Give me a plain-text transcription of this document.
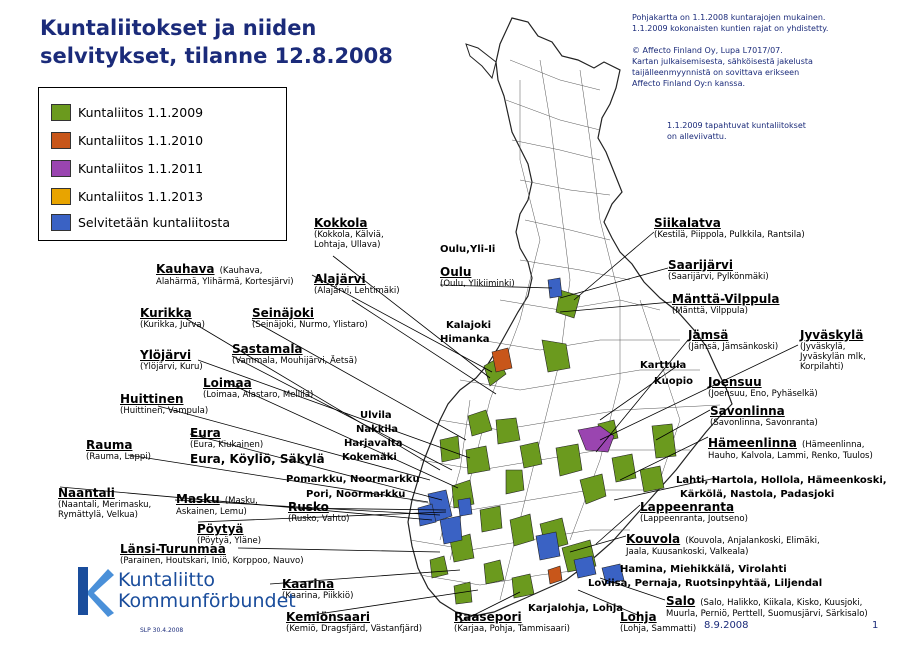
Kuntaliitokset ja niiden
selvitykset, tilanne 12.8.2008
Pohjakartta on 1.1.2008 kuntarajojen mukainen.
1.1.2009 kokonaisten kuntien rajat on yhdistetty.
© Affecto Finland Oy, Lupa L7017/07.
Kartan julkaisemisesta, sähköisestä jakelusta
taijälleenmyynnistä on sovittava erikseen
Affecto Finland Oy:n kanssa.
1.1.2009 tapahtuvat kuntaliitokset
on alleviivattu.
Kuntaliitos 1.1.2009
Kuntaliitos 1.1.2010
Kuntaliitos 1.1.2011
Kuntaliitos 1.1.2013
Selvitetään kuntaliitosta	Kokkola
(Kokkola, Kälviä,
Lohtaja, Ullava)
Kauhava (Kauhava,
Alahärmä, Ylihärmä, Kortesjärvi) Alajärvi
(Alajärvi, Lehtimäki)
Kurikka
(Kurikka, Jurva)
Seinäjoki
(Seinäjoki, Nurmo, Ylistaro)
Sastamala
(Vammala, Mouhijärvi, Äetsä)
Ylöjärvi
(Ylöjärvi, Kuru)
Loimaa
(Loimaa, Alastaro, Mellilä)
Huittinen
(Huittinen, Vampula)
Eura
(Eura, Kiukainen)
Rauma
(Rauma, Lappi)	Eura, Köyliö, Säkylä
Naantali
(Naantali, Merimasku,
Rymättylä, Velkua)
Masku (Masku,
Askainen, Lemu)	Rusko
(Rusko, Vahto)
Pöytyä
(Pöytyä, Yläne)
Länsi-Turunmaa
(Parainen, Houtskari, Iniö, Korppoo, Nauvo)
Kaarina
(Kaarina, Piikkiö)
Kemiönsaari
(Kemiö, Dragsfjärd, Västanfjärd)
Raasepori
(Karjaa, Pohja, Tammisaari)
Lohja
(Lohja, Sammatti)
Salo (Salo, Halikko, Kiikala, Kisko, Kuusjoki,
Muurla, Perniö, Perttell, Suomusjärvi, Särkisalo)
Kouvola (Kouvola, Anjalankoski, Elimäki,
Jaala, Kuusankoski, Valkeala)
Lappeenranta
(Lappeenranta, Joutseno)
Hämeenlinna (Hämeenlinna,
Hauho, Kalvola, Lammi, Renko, Tuulos)
Savonlinna
(Savonlinna, Savonranta)
Joensuu
(Joensuu, Eno, Pyhäselkä)
Jämsä
(Jämsä, Jämsänkoski)
Jyväskylä
(Jyväskylä,
Jyväskylän mlk,
Korpilahti)
Mänttä-Vilppula
(Mänttä, Vilppula)
Saarijärvi
(Saarijärvi, Pylkönmäki)
Siikalatva
(Kestilä, Piippola, Pulkkila, Rantsila)
Oulu
(Oulu, Ylikiiminki)
Oulu,Yli-Ii
Kalajoki
Himanka
Karttula
Kuopio
Ulvila
Nakkila
Harjavalta
Kokemäki
Pomarkku, Noormarkku
Pori, Noormarkku
Lahti, Hartola, Hollola, Hämeenkoski,
Kärkölä, Nastola, Padasjoki
Hamina, Miehikkälä, Virolahti
Loviisa, Pernaja, Ruotsinpyhtää, Liljendal
Karjalohja, Lohja
Kuntaliitto
Kommunförbundet
SLP 30.4.2008	8.9.2008	1
